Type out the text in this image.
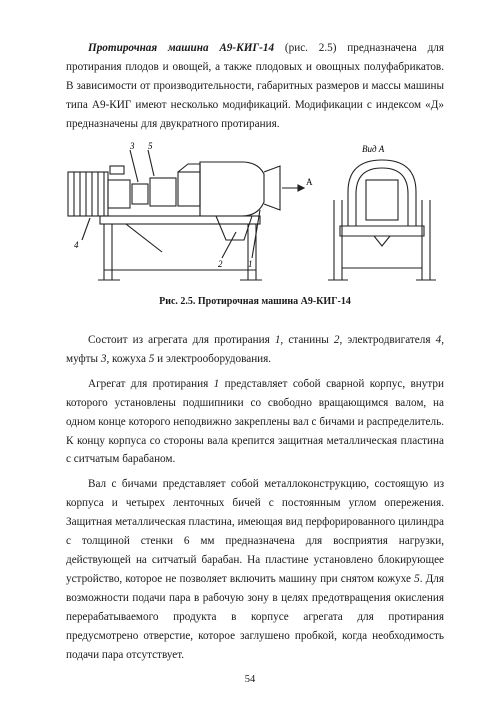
Протирочная машина А9-КИГ-14 (рис. 2.5) предназначена для протирания плодов и овощей, а также плодовых и овощных полуфабрикатов. В зависимости от производительности, габаритных размеров и массы машины типа А9-КИГ имеют несколько модификаций. Модификации с индексом «Д» предназначены для двукратного протирания.

3 5
4
2	1
A
Вид А
Рис. 2.5. Протирочная машина А9-КИГ-14

Состоит из агрегата для протирания 1, станины 2, электродвигателя 4, муфты 3, кожуха 5 и электрооборудования.

Агрегат для протирания 1 представляет собой сварной корпус, внутри которого установлены подшипники со свободно вращающимся валом, на одном конце которого неподвижно закреплены вал с бичами и распределитель. К концу корпуса со стороны вала крепится защитная металлическая пластина с ситчатым барабаном.

Вал с бичами представляет собой металлоконструкцию, состоящую из корпуса и четырех ленточных бичей с постоянным углом опережения. Защитная металлическая пластина, имеющая вид перфорированного цилиндра с толщиной стенки 6 мм предназначена для восприятия нагрузки, действующей на ситчатый барабан. На пластине установлено блокирующее устройство, которое не позволяет включить машину при снятом кожухе 5. Для возможности подачи пара в рабочую зону в целях предотвращения окисления перерабатываемого продукта в корпусе агрегата для протирания предусмотрено отверстие, которое заглушено пробкой, когда необходимость подачи пара отсутствует.

54
